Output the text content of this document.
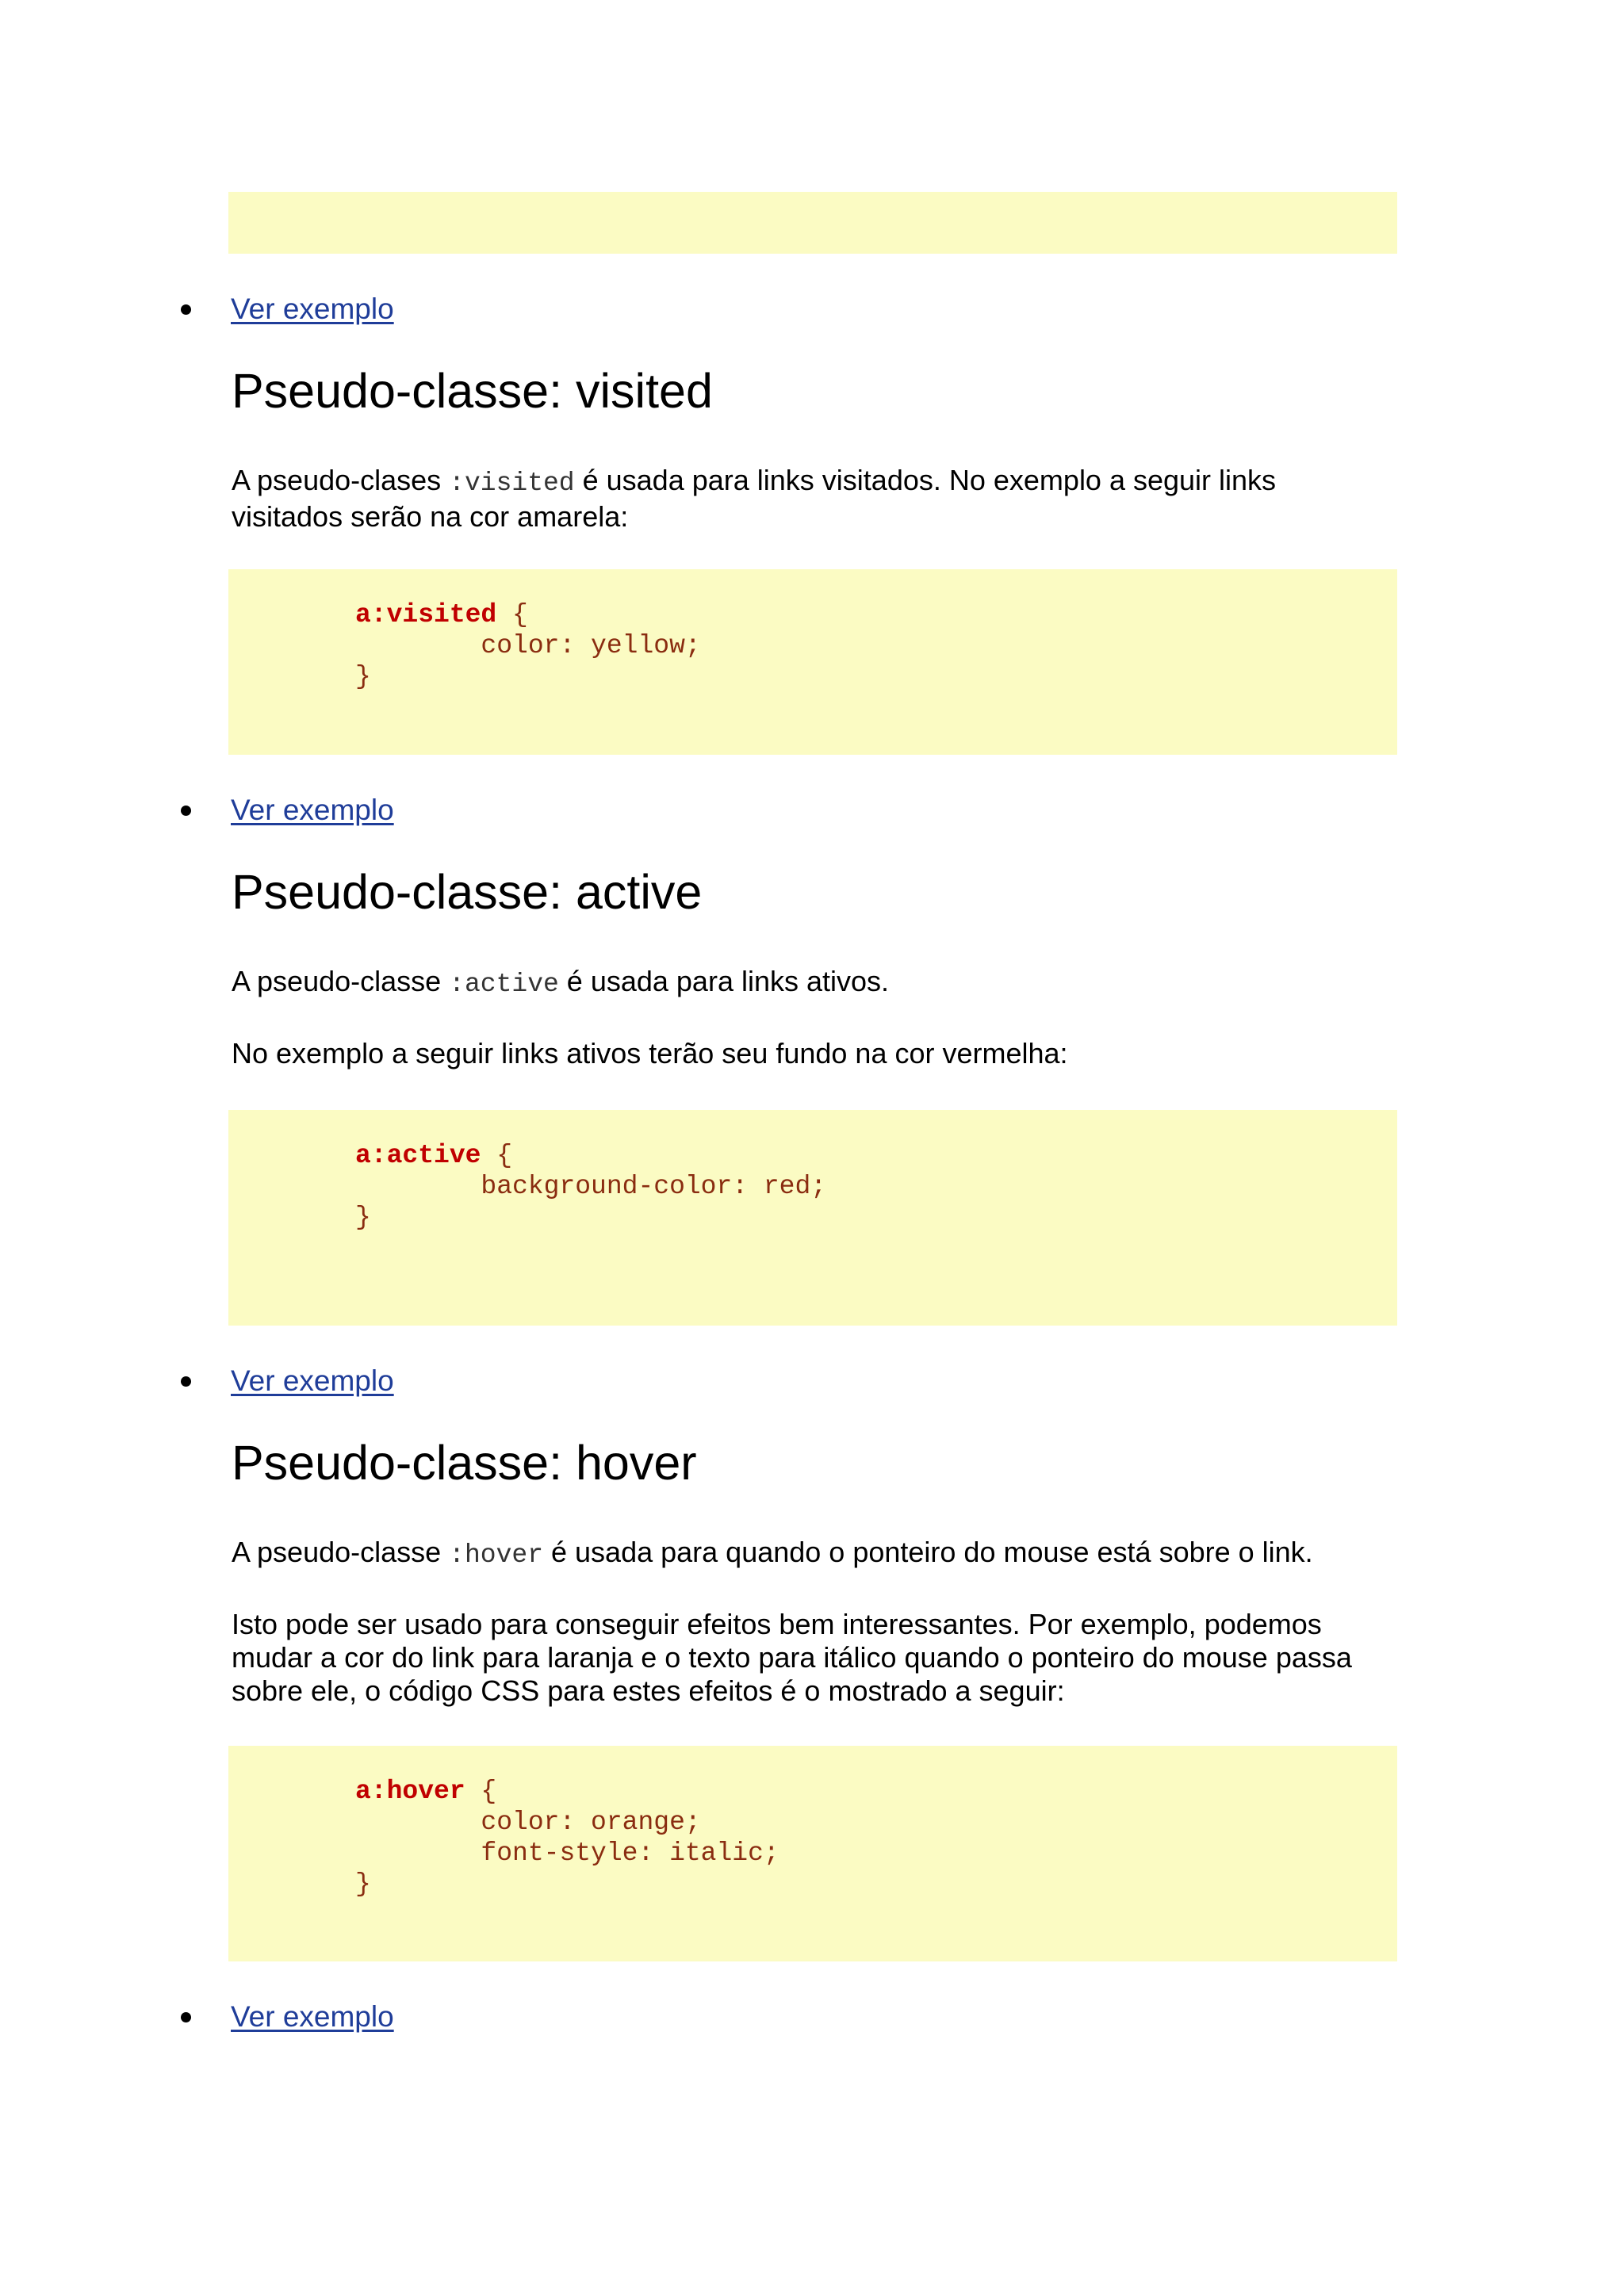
Ver exemplo
Pseudo-classe: visited

A pseudo-clases :visited é usada para links visitados. No exemplo a seguir links visitados serão na cor amarela:

a:visited {
color: yellow;
}
Ver exemplo
Pseudo-classe: active

A pseudo-classe :active é usada para links ativos.

No exemplo a seguir links ativos terão seu fundo na cor vermelha:

a:active {
background-color: red;
}
Ver exemplo
Pseudo-classe: hover

A pseudo-classe :hover é usada para quando o ponteiro do mouse está sobre o link.

Isto pode ser usado para conseguir efeitos bem interessantes. Por exemplo, podemos mudar a cor do link para laranja e o texto para itálico quando o ponteiro do mouse passa sobre ele, o código CSS para estes efeitos é o mostrado a seguir:

a:hover {
color: orange;
font-style: italic;
}
Ver exemplo
